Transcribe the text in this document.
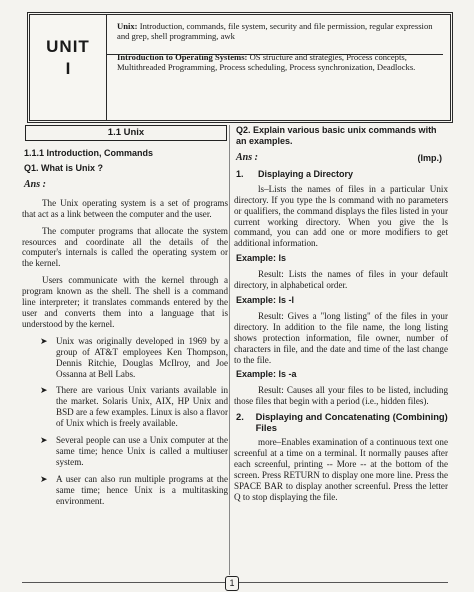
UNIT
I

Unix: Introduction, commands, file system, security and file permission, regular expression and grep, shell programming, awk

Introduction to Operating Systems: OS structure and strategies, Process concepts, Multithreaded Programming, Process scheduling, Process synchronization, Deadlocks.

1.1 Unix
1.1.1 Introduction, Commands
Q1. What is Unix ?
Ans :

The Unix operating system is a set of programs that act as a link between the computer and the user.

The computer programs that allocate the system resources and coordinate all the details of the computer's internals is called the operating system or the kernel.

Users communicate with the kernel through a program known as the shell. The shell is a command line interpreter; it translates commands entered by the user and converts them into a language that is understood by the kernel.

➤ Unix was originally developed in 1969 by a group of AT&T employees Ken Thompson, Dennis Ritchie, Douglas McIlroy, and Joe Ossanna at Bell Labs.
➤ There are various Unix variants available in the market. Solaris Unix, AIX, HP Unix and BSD are a few examples. Linux is also a flavor of Unix which is freely available.
➤ Several people can use a Unix computer at the same time; hence Unix is called a multiuser system.
➤ A user can also run multiple programs at the same time; hence Unix is a multitasking environment.
Q2. Explain various basic unix commands with an examples.
Ans :	(Imp.)
1.	Displaying a Directory

ls–Lists the names of files in a particular Unix directory. If you type the ls command with no parameters or qualifiers, the command displays the files listed in your current working directory. When you give the ls command, you can add one or more modifiers to get additional information.

Example: ls

Result: Lists the names of files in your default directory, in alphabetical order.

Example: ls -l

Result: Gives a "long listing" of the files in your directory. In addition to the file name, the long listing shows protection information, file owner, number of characters in file, and the date and time of the last change to the file.

Example: ls -a

Result: Causes all your files to be listed, including those files that begin with a period (i.e., hidden files).

2.	Displaying and Concatenating (Combining) Files

more–Enables examination of a continuous text one screenful at a time on a terminal. It normally pauses after each screenful, printing -- More -- at the bottom of the screen. Press RETURN to display one more line. Press the SPACE BAR to display another screenful. Press the letter Q to stop displaying the file.

1
